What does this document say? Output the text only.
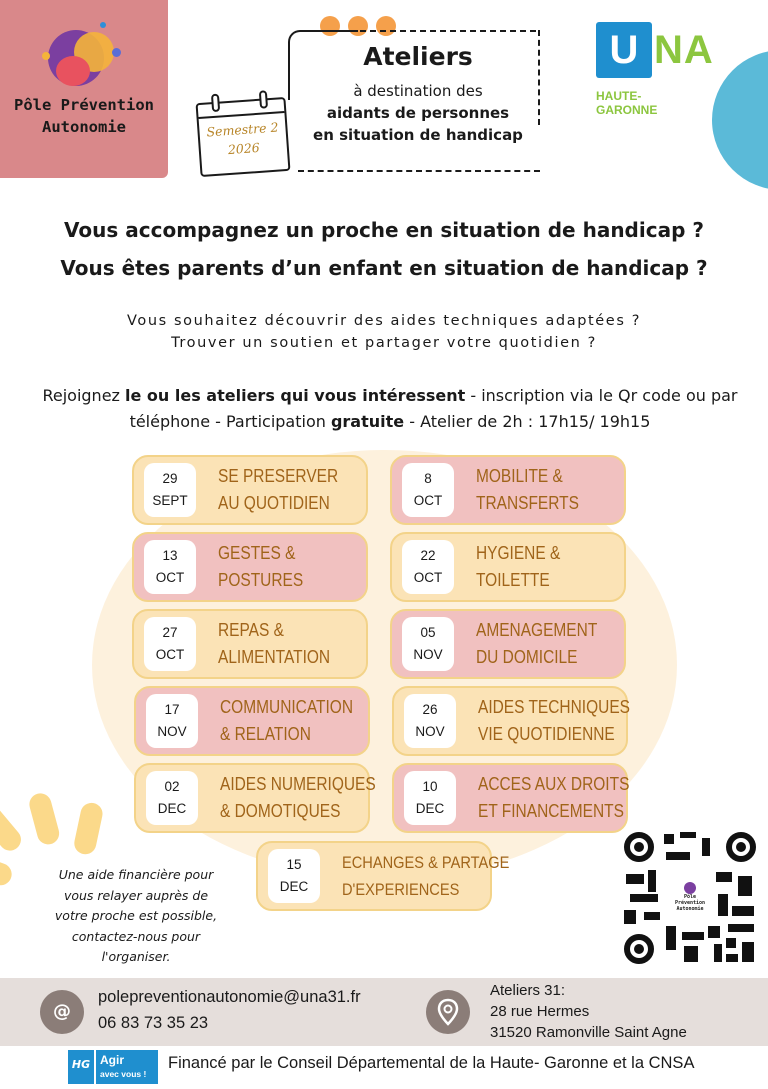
Pôle Prévention
Autonomie
Ateliers
à destination des
aidants de personnes
en situation de handicap
Semestre 2
2026
U NA
HAUTE-GARONNE
Vous accompagnez un proche en situation de handicap ?
Vous êtes parents d’un enfant en situation de handicap ?
Vous souhaitez découvrir des aides techniques adaptées ?
Trouver un soutien et partager votre quotidien ?
Rejoignez le ou les ateliers qui vous intéressent - inscription via le Qr code ou par téléphone - Participation gratuite - Atelier de 2h : 17h15/ 19h15
29
SEPT
SE PRESERVER
AU QUOTIDIEN
8
OCT
MOBILITE &
TRANSFERTS
13
OCT
GESTES &
POSTURES
22
OCT
HYGIENE &
TOILETTE
27
OCT
REPAS &
ALIMENTATION
05
NOV
AMENAGEMENT
DU DOMICILE
17
NOV
COMMUNICATION
& RELATION
26
NOV
AIDES TECHNIQUES
VIE QUOTIDIENNE
02
DEC
AIDES NUMERIQUES
& DOMOTIQUES
10
DEC
ACCES AUX DROITS
ET FINANCEMENTS
15
DEC
ECHANGES & PARTAGE
D'EXPERIENCES
Une aide financière pour
vous relayer auprès de
votre proche est possible,
contactez-nous pour
l'organiser.
Pôle Prévention
Autonomie
@
polepreventionautonomie@una31.fr
06 83 73 35 23
Ateliers 31:
28 rue Hermes
31520 Ramonville Saint Agne
HG Agir
avec vous !
Financé par le Conseil Départemental de la Haute- Garonne et la CNSA
